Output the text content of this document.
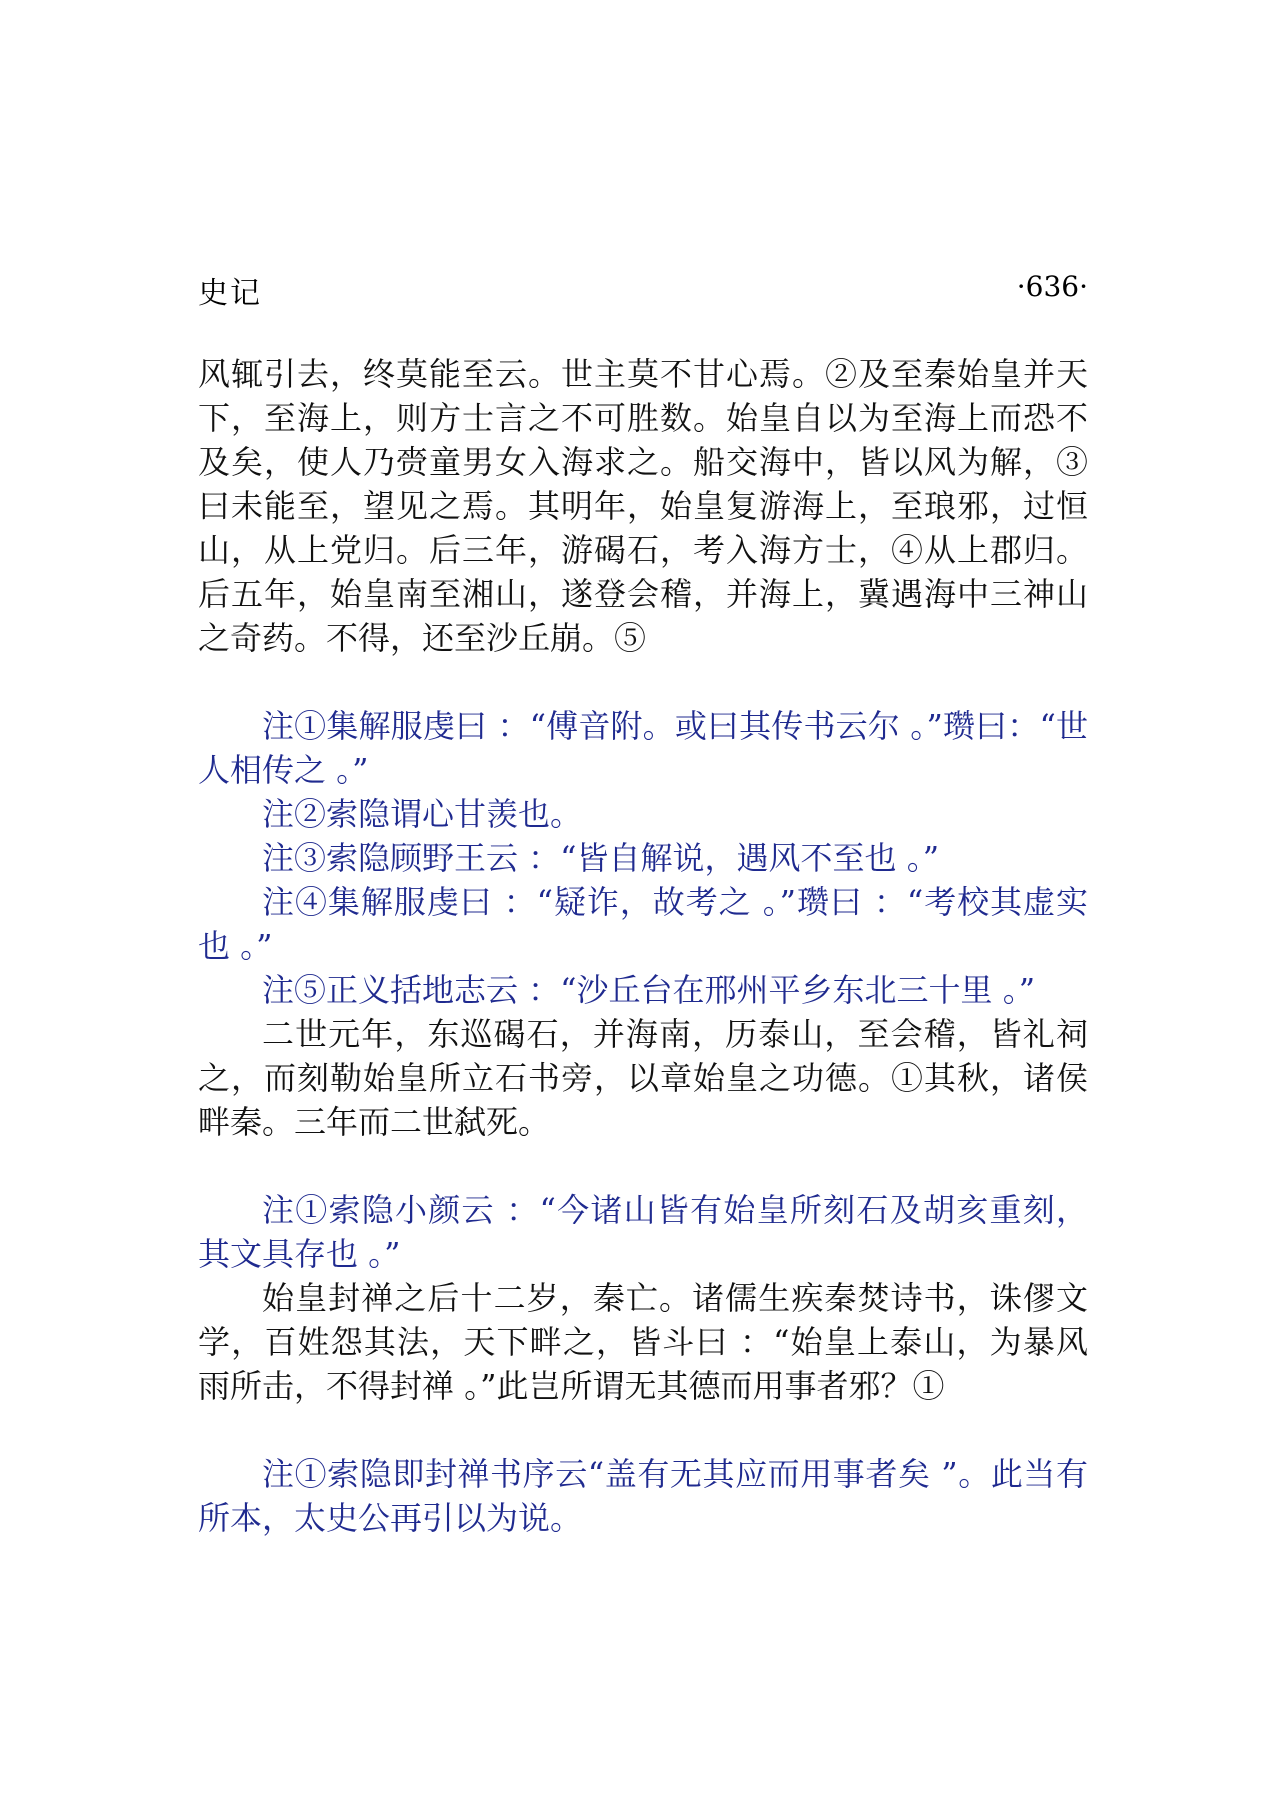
史记	·636·

风辄引去，终莫能至云。世主莫不甘心焉。②及至秦始皇并天下，至海上，则方士言之不可胜数。始皇自以为至海上而恐不及矣，使人乃赍童男女入海求之。船交海中，皆以风为解，③曰未能至，望见之焉。其明年，始皇复游海上，至琅邪，过恒山，从上党归。后三年，游碣石，考入海方士，④从上郡归。后五年，始皇南至湘山，遂登会稽，并海上，冀遇海中三神山之奇药。不得，还至沙丘崩。⑤

注①集解服虔曰 ：“傅音附。或曰其传书云尔 。”瓒曰：“世人相传之 。”

注②索隐谓心甘羡也。

注③索隐顾野王云 ：“皆自解说，遇风不至也 。”

注④集解服虔曰 ：“疑诈，故考之 。”瓒曰 ：“考校其虚实也 。”

注⑤正义括地志云 ：“沙丘台在邢州平乡东北三十里 。”

二世元年，东巡碣石，并海南，历泰山，至会稽，皆礼祠之，而刻勒始皇所立石书旁，以章始皇之功德。①其秋，诸侯畔秦。三年而二世弑死。

注①索隐小颜云 ：“今诸山皆有始皇所刻石及胡亥重刻，其文具存也 。”

始皇封禅之后十二岁，秦亡。诸儒生疾秦焚诗书，诛僇文学，百姓怨其法，天下畔之，皆斗曰 ：“始皇上泰山，为暴风雨所击，不得封禅 。”此岂所谓无其德而用事者邪？①

注①索隐即封禅书序云“盖有无其应而用事者矣 ”。此当有所本，太史公再引以为说。
